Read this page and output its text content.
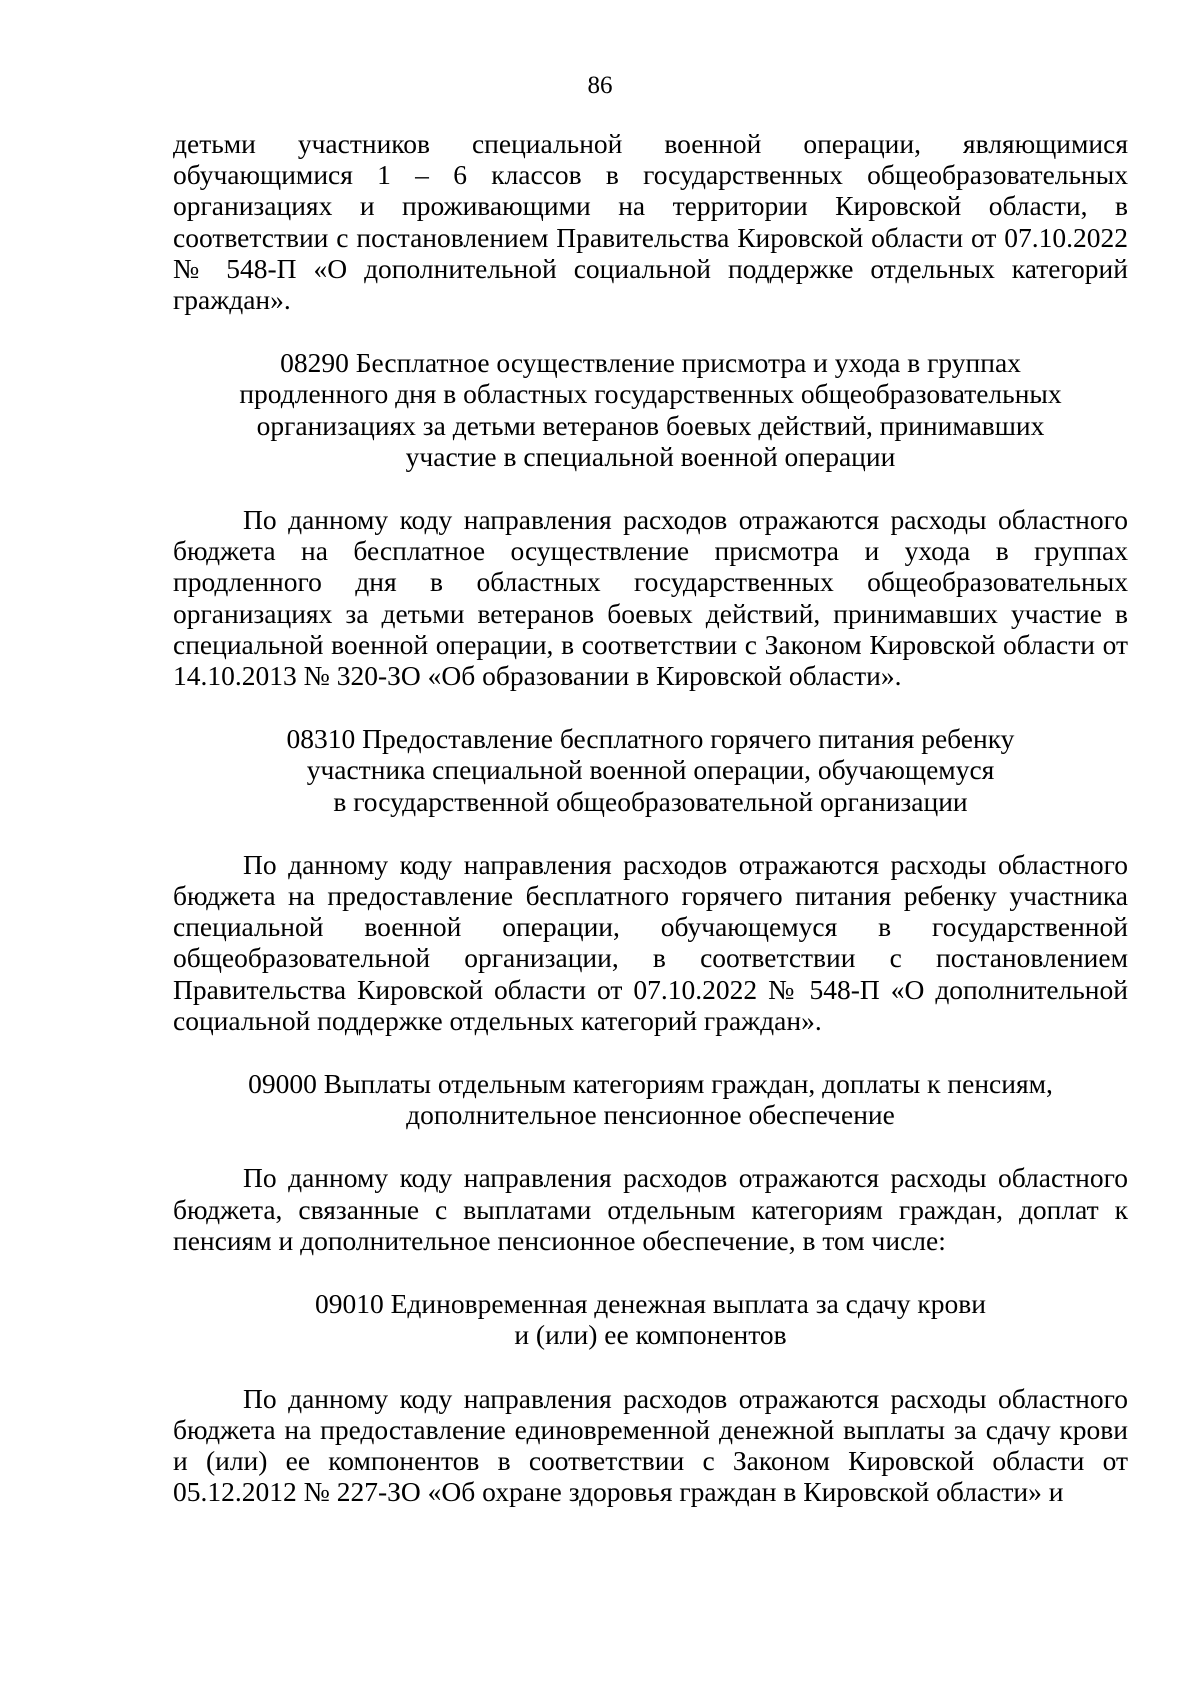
86

детьми участников специальной военной операции, являющимися обучающимися 1 – 6 классов в государственных общеобразовательных организациях и проживающими на территории Кировской области, в соответствии с постановлением Правительства Кировской области от 07.10.2022 № 548-П «О дополнительной социальной поддержке отдельных категорий граждан».

08290 Бесплатное осуществление присмотра и ухода в группах
продленного дня в областных государственных общеобразовательных
организациях за детьми ветеранов боевых действий, принимавших
участие в специальной военной операции

По данному коду направления расходов отражаются расходы областного бюджета на бесплатное осуществление присмотра и ухода в группах продленного дня в областных государственных общеобразовательных организациях за детьми ветеранов боевых действий, принимавших участие в специальной военной операции, в соответствии с Законом Кировской области от 14.10.2013 № 320-ЗО «Об образовании в Кировской области».

08310 Предоставление бесплатного горячего питания ребенку
участника специальной военной операции, обучающемуся
в государственной общеобразовательной организации

По данному коду направления расходов отражаются расходы областного бюджета на предоставление бесплатного горячего питания ребенку участника специальной военной операции, обучающемуся в государственной общеобразовательной организации, в соответствии с постановлением Правительства Кировской области от 07.10.2022 № 548-П «О дополнительной социальной поддержке отдельных категорий граждан».

09000 Выплаты отдельным категориям граждан, доплаты к пенсиям,
дополнительное пенсионное обеспечение

По данному коду направления расходов отражаются расходы областного бюджета, связанные с выплатами отдельным категориям граждан, доплат к пенсиям и дополнительное пенсионное обеспечение, в том числе:

09010 Единовременная денежная выплата за сдачу крови
и (или) ее компонентов

По данному коду направления расходов отражаются расходы областного бюджета на предоставление единовременной денежной выплаты за сдачу крови и (или) ее компонентов в соответствии с Законом Кировской области от 05.12.2012 № 227-ЗО «Об охране здоровья граждан в Кировской области» и
